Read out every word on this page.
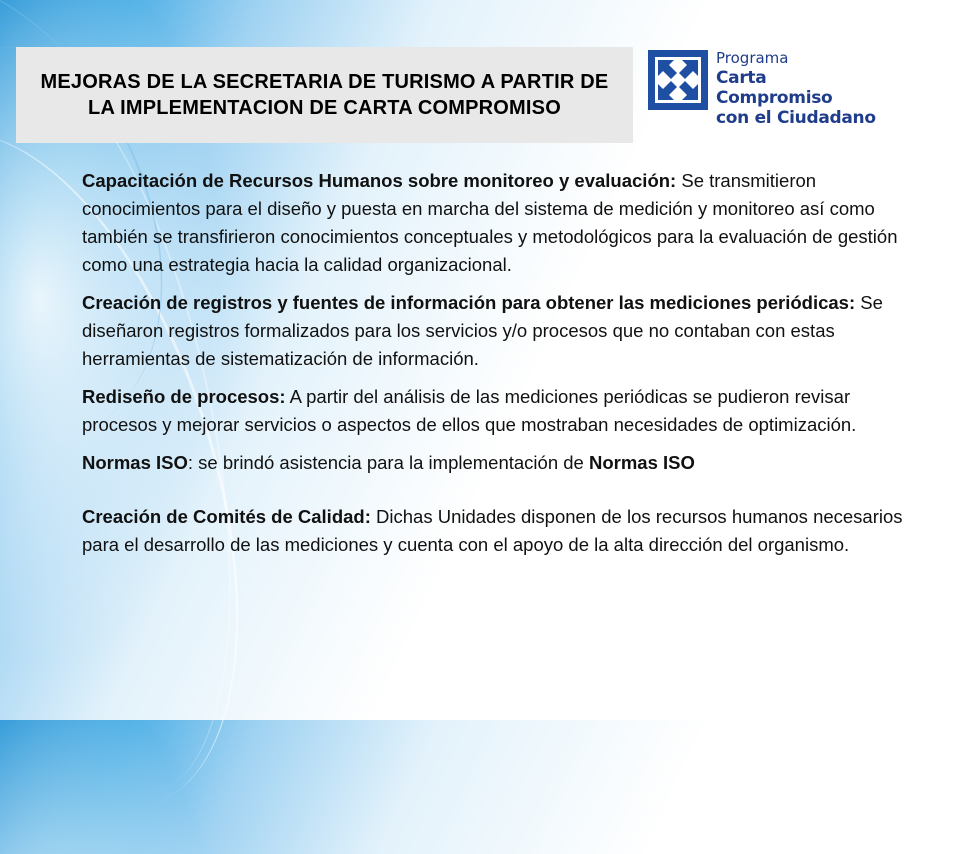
MEJORAS DE LA SECRETARIA DE TURISMO A PARTIR DE LA IMPLEMENTACION DE CARTA COMPROMISO
Programa
Carta Compromiso
con el Ciudadano

Capacitación de Recursos Humanos sobre monitoreo y evaluación: Se transmitieron conocimientos para el diseño y puesta en marcha del sistema de medición y monitoreo así como también se transfirieron conocimientos conceptuales y metodológicos para la evaluación de gestión como una estrategia hacia la calidad organizacional.

Creación de registros y fuentes de información para obtener las mediciones periódicas: Se diseñaron registros formalizados para los servicios y/o procesos que no contaban con estas herramientas de sistematización de información.

Rediseño de procesos: A partir del análisis de las mediciones periódicas se pudieron revisar procesos y mejorar servicios o aspectos de ellos que mostraban necesidades de optimización.

Normas ISO: se brindó asistencia para la implementación de Normas ISO

Creación de Comités de Calidad: Dichas Unidades disponen de los recursos humanos necesarios para el desarrollo de las mediciones y cuenta con el apoyo de la alta dirección del organismo.
